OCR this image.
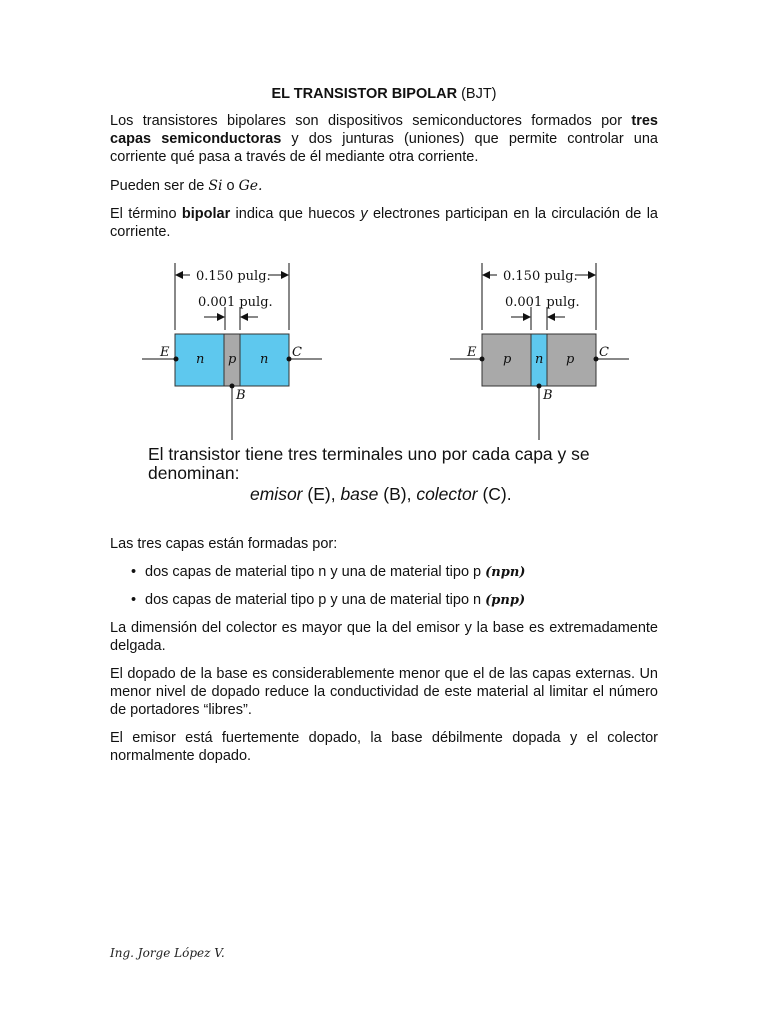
EL TRANSISTOR BIPOLAR (BJT)

Los transistores bipolares son dispositivos semiconductores formados por tres capas semiconductoras y dos junturas (uniones) que permite controlar una corriente qué pasa a través de él mediante otra corriente.

Pueden ser de Si o Ge.

El término bipolar indica que huecos y electrones participan en la circulación de la corriente.

0.150 pulg.
0.001 pulg.
n p n
E	C
B
0.150 pulg.
0.001 pulg.
p n p
E	C
B
El transistor tiene tres terminales uno por cada capa y se denominan:
emisor (E), base (B), colector (C).

Las tres capas están formadas por:

• dos capas de material tipo n y una de material tipo p (npn)
• dos capas de material tipo p y una de material tipo n (pnp)

La dimensión del colector es mayor que la del emisor y la base es extremadamente delgada.

El dopado de la base es considerablemente menor que el de las capas externas. Un menor nivel de dopado reduce la conductividad de este material al limitar el número de portadores “libres”.

El emisor está fuertemente dopado, la base débilmente dopada y el colector normalmente dopado.

Ing. Jorge López V.
